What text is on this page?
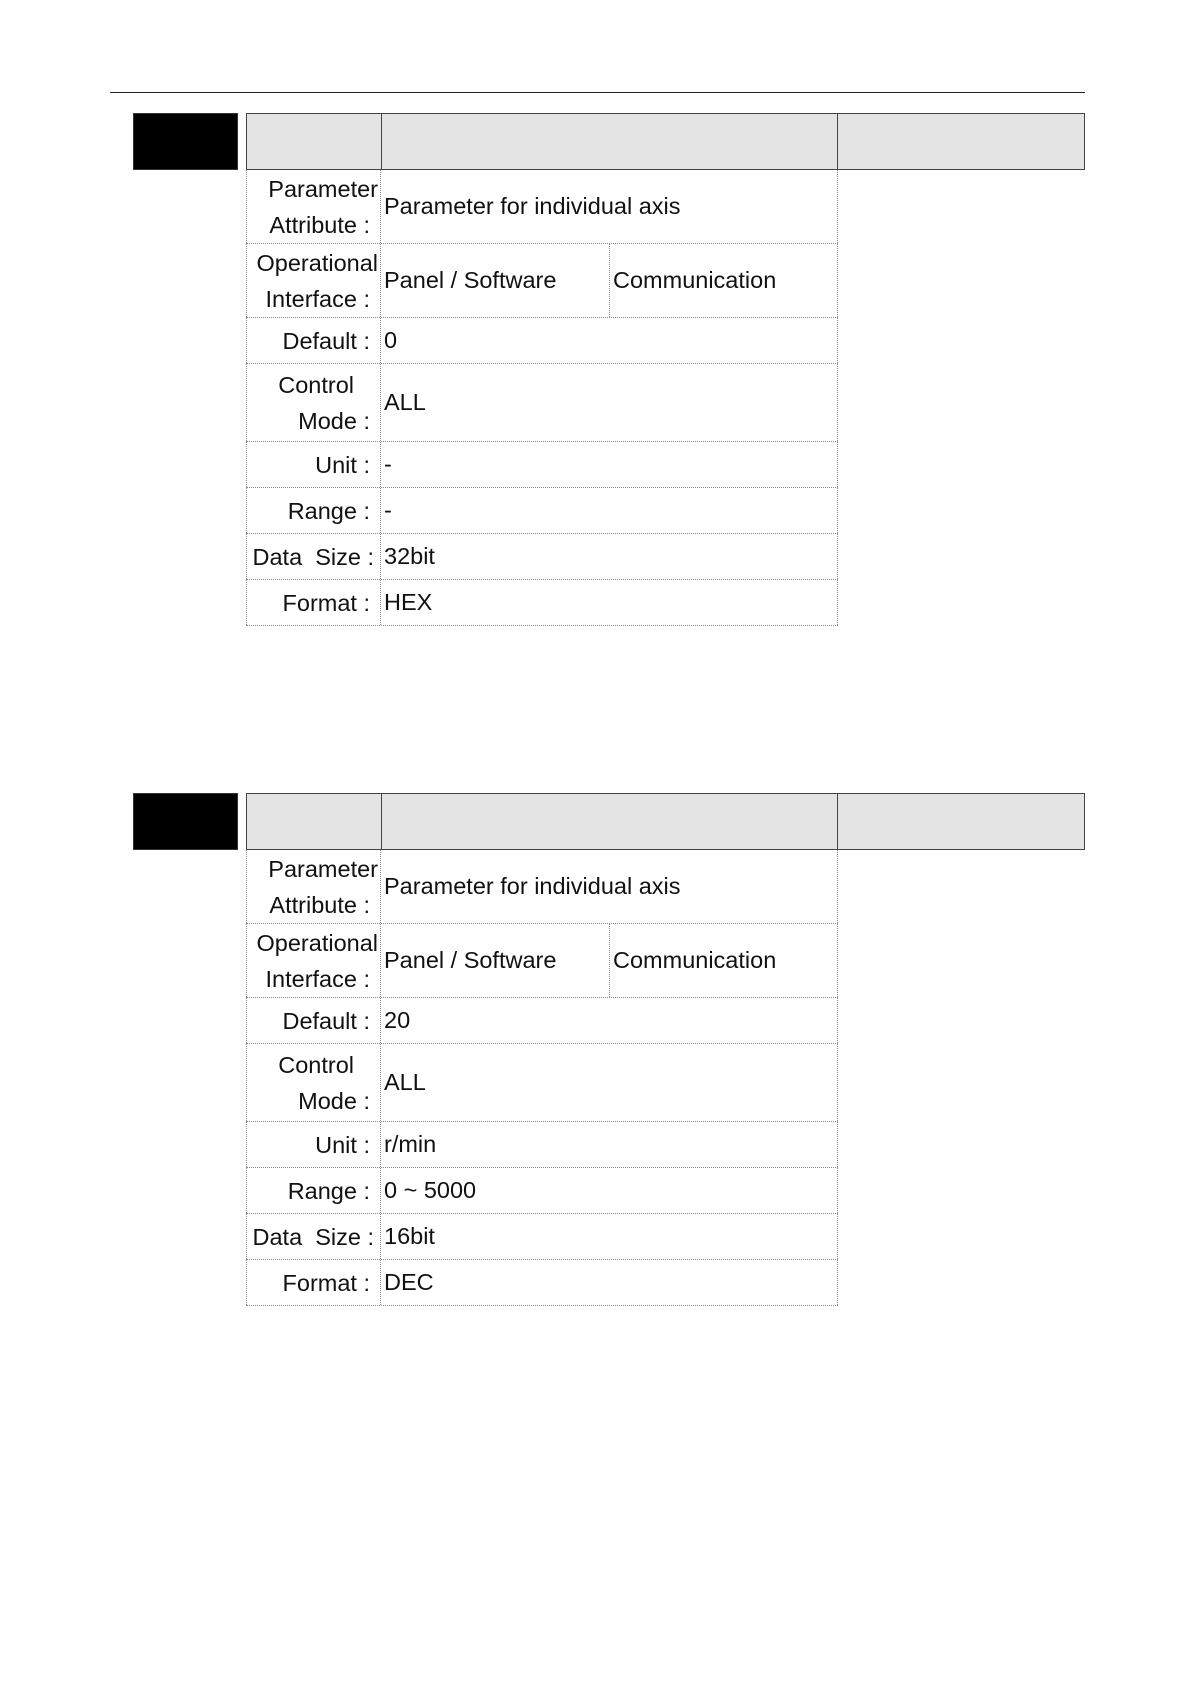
Parameter
Attribute :
Parameter for individual axis
Operational
Interface :
Panel / Software	Communication
Default : 0
Control
Mode :
ALL
Unit : -
Range : -
Data  Size : 32bit
Format : HEX
Parameter
Attribute :
Parameter for individual axis
Operational
Interface :
Panel / Software	Communication
Default : 20
Control
Mode :
ALL
Unit : r/min
Range : 0 ~ 5000
Data  Size : 16bit
Format : DEC
